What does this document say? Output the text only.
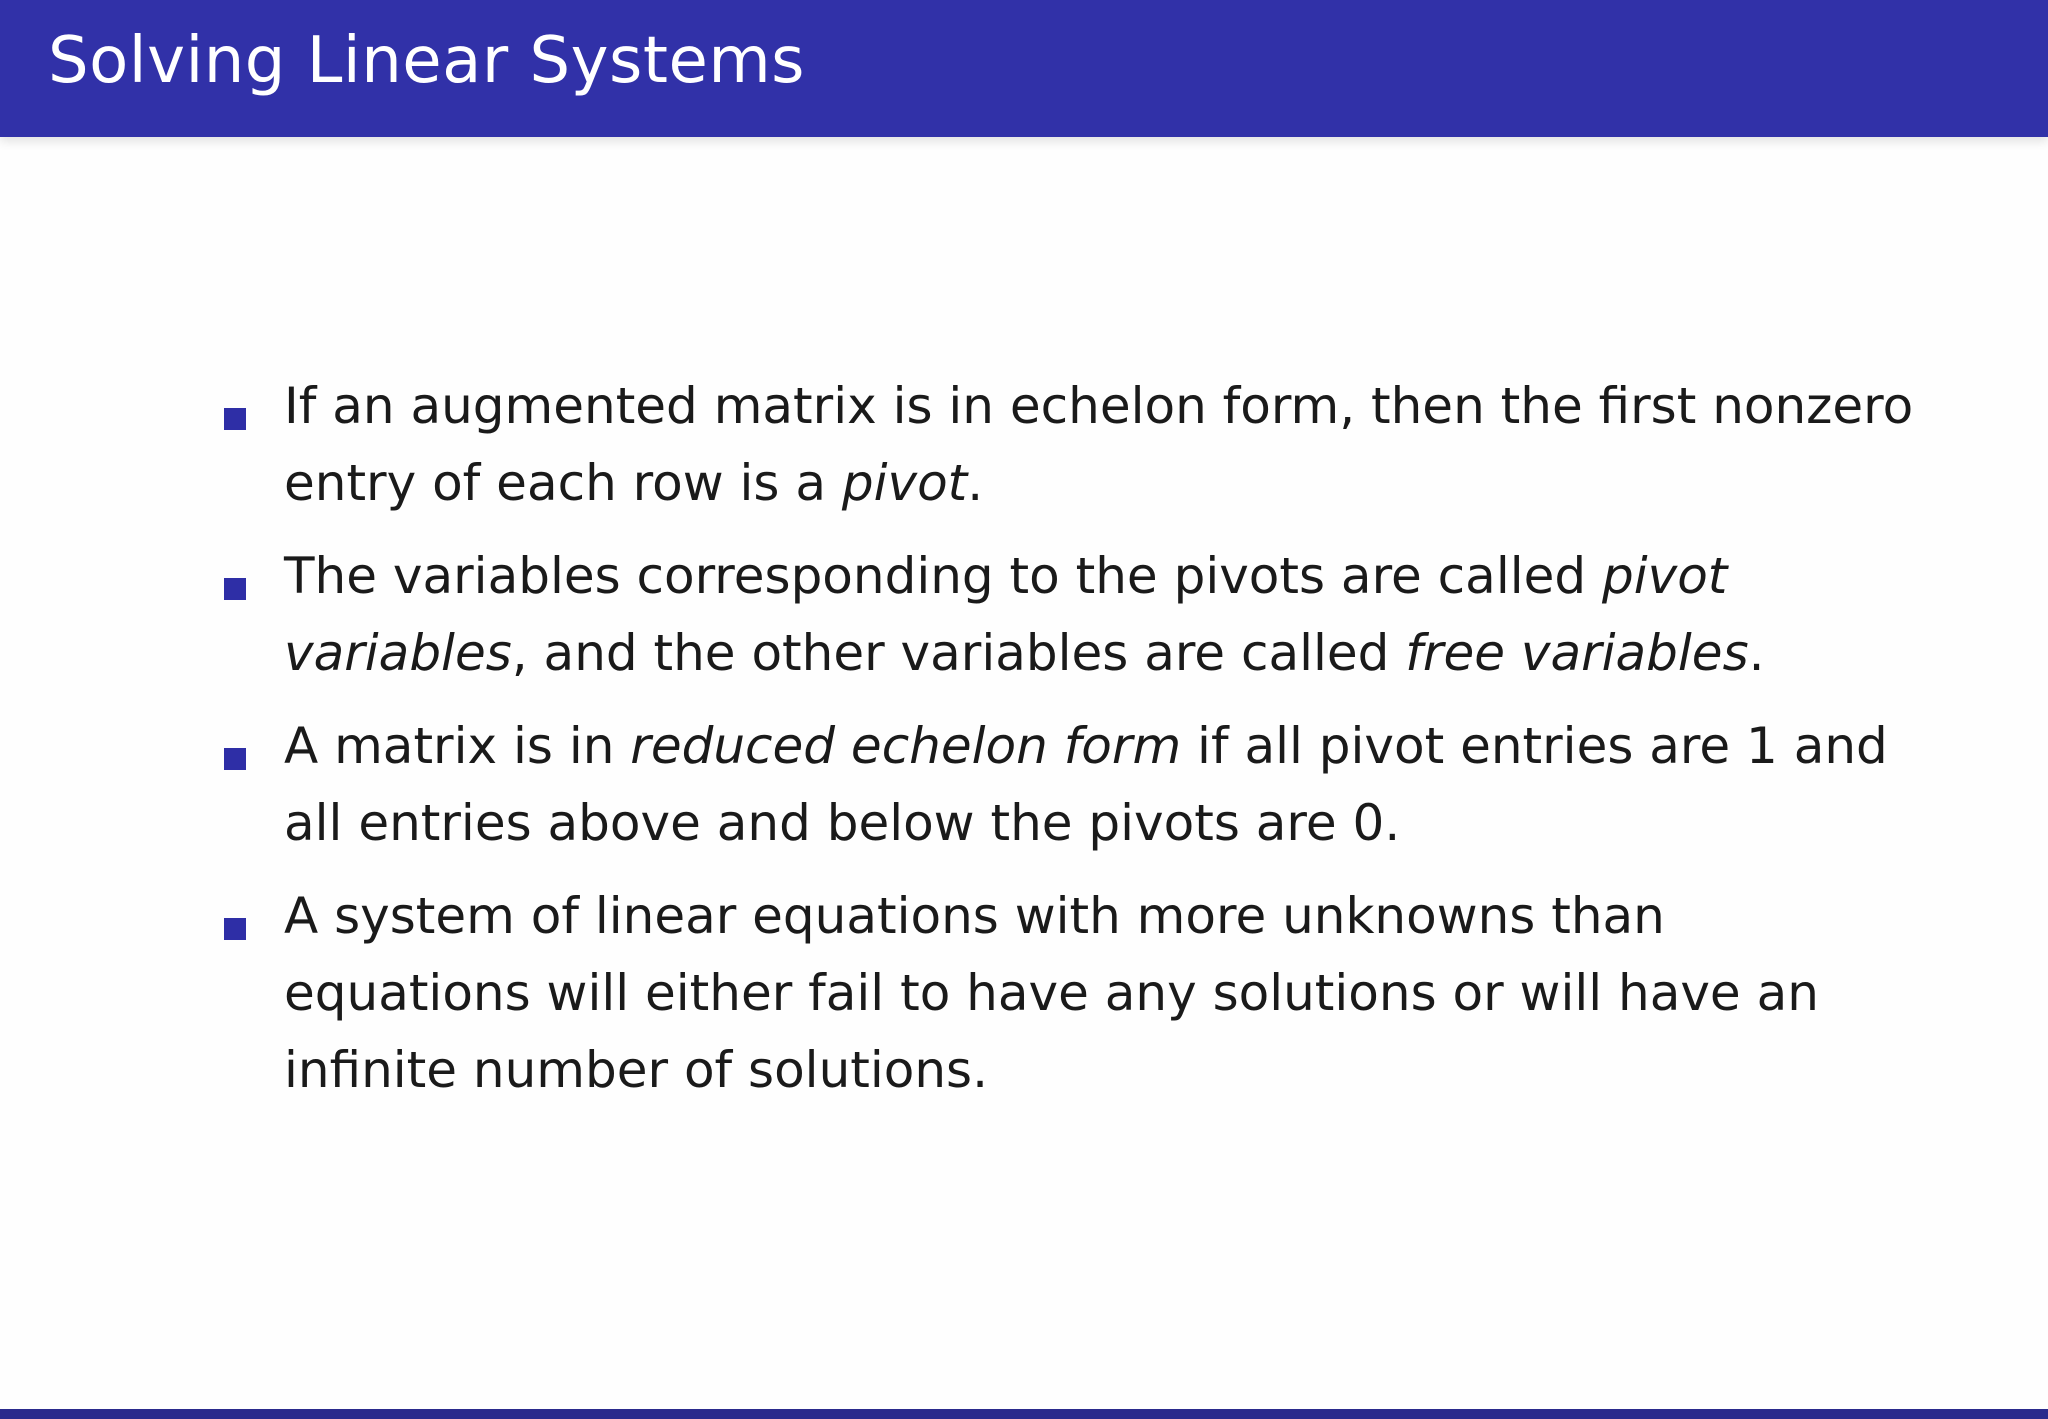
Solving Linear Systems
If an augmented matrix is in echelon form, then the first nonzero entry of each row is a pivot.
The variables corresponding to the pivots are called pivot variables, and the other variables are called free variables.
A matrix is in reduced echelon form if all pivot entries are 1 and all entries above and below the pivots are 0.
A system of linear equations with more unknowns than equations will either fail to have any solutions or will have an infinite number of solutions.
